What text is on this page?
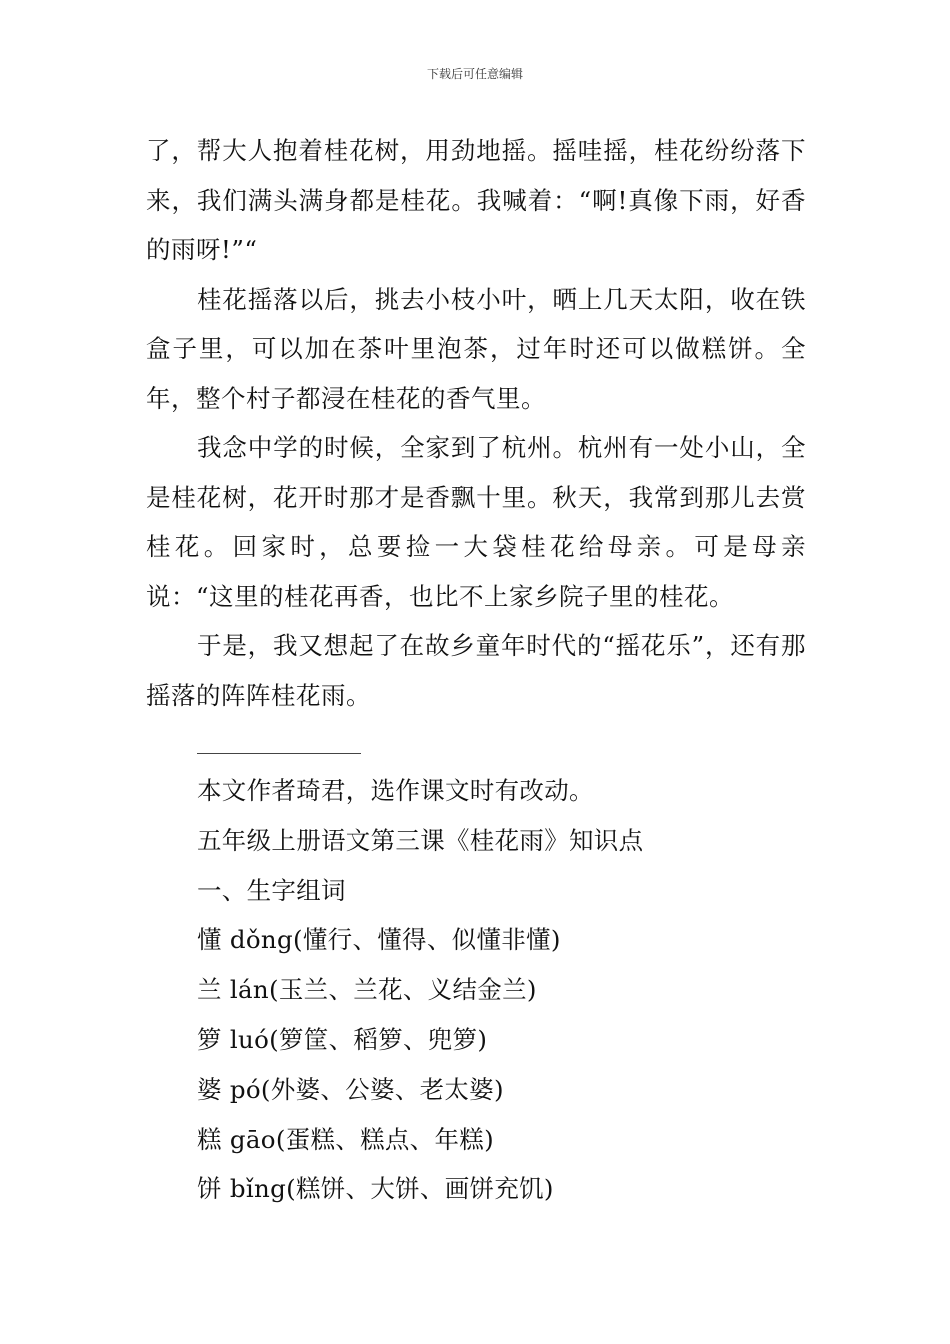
下载后可任意编辑

了，帮大人抱着桂花树，用劲地摇。摇哇摇，桂花纷纷落下来，我们满头满身都是桂花。我喊着：“啊!真像下雨，好香的雨呀!”“

桂花摇落以后，挑去小枝小叶，晒上几天太阳，收在铁盒子里，可以加在茶叶里泡茶，过年时还可以做糕饼。全年，整个村子都浸在桂花的香气里。

我念中学的时候，全家到了杭州。杭州有一处小山，全是桂花树，花开时那才是香飘十里。秋天，我常到那儿去赏桂花。回家时，总要捡一大袋桂花给母亲。可是母亲说：“这里的桂花再香，也比不上家乡院子里的桂花。

于是，我又想起了在故乡童年时代的“摇花乐”，还有那摇落的阵阵桂花雨。

本文作者琦君，选作课文时有改动。
五年级上册语文第三课《桂花雨》知识点
一、生字组词
懂 dǒng(懂行、懂得、似懂非懂)
兰 lán(玉兰、兰花、义结金兰)
箩 luó(箩筐、稻箩、兜箩)
婆 pó(外婆、公婆、老太婆)
糕 gāo(蛋糕、糕点、年糕)
饼 bǐng(糕饼、大饼、画饼充饥)
